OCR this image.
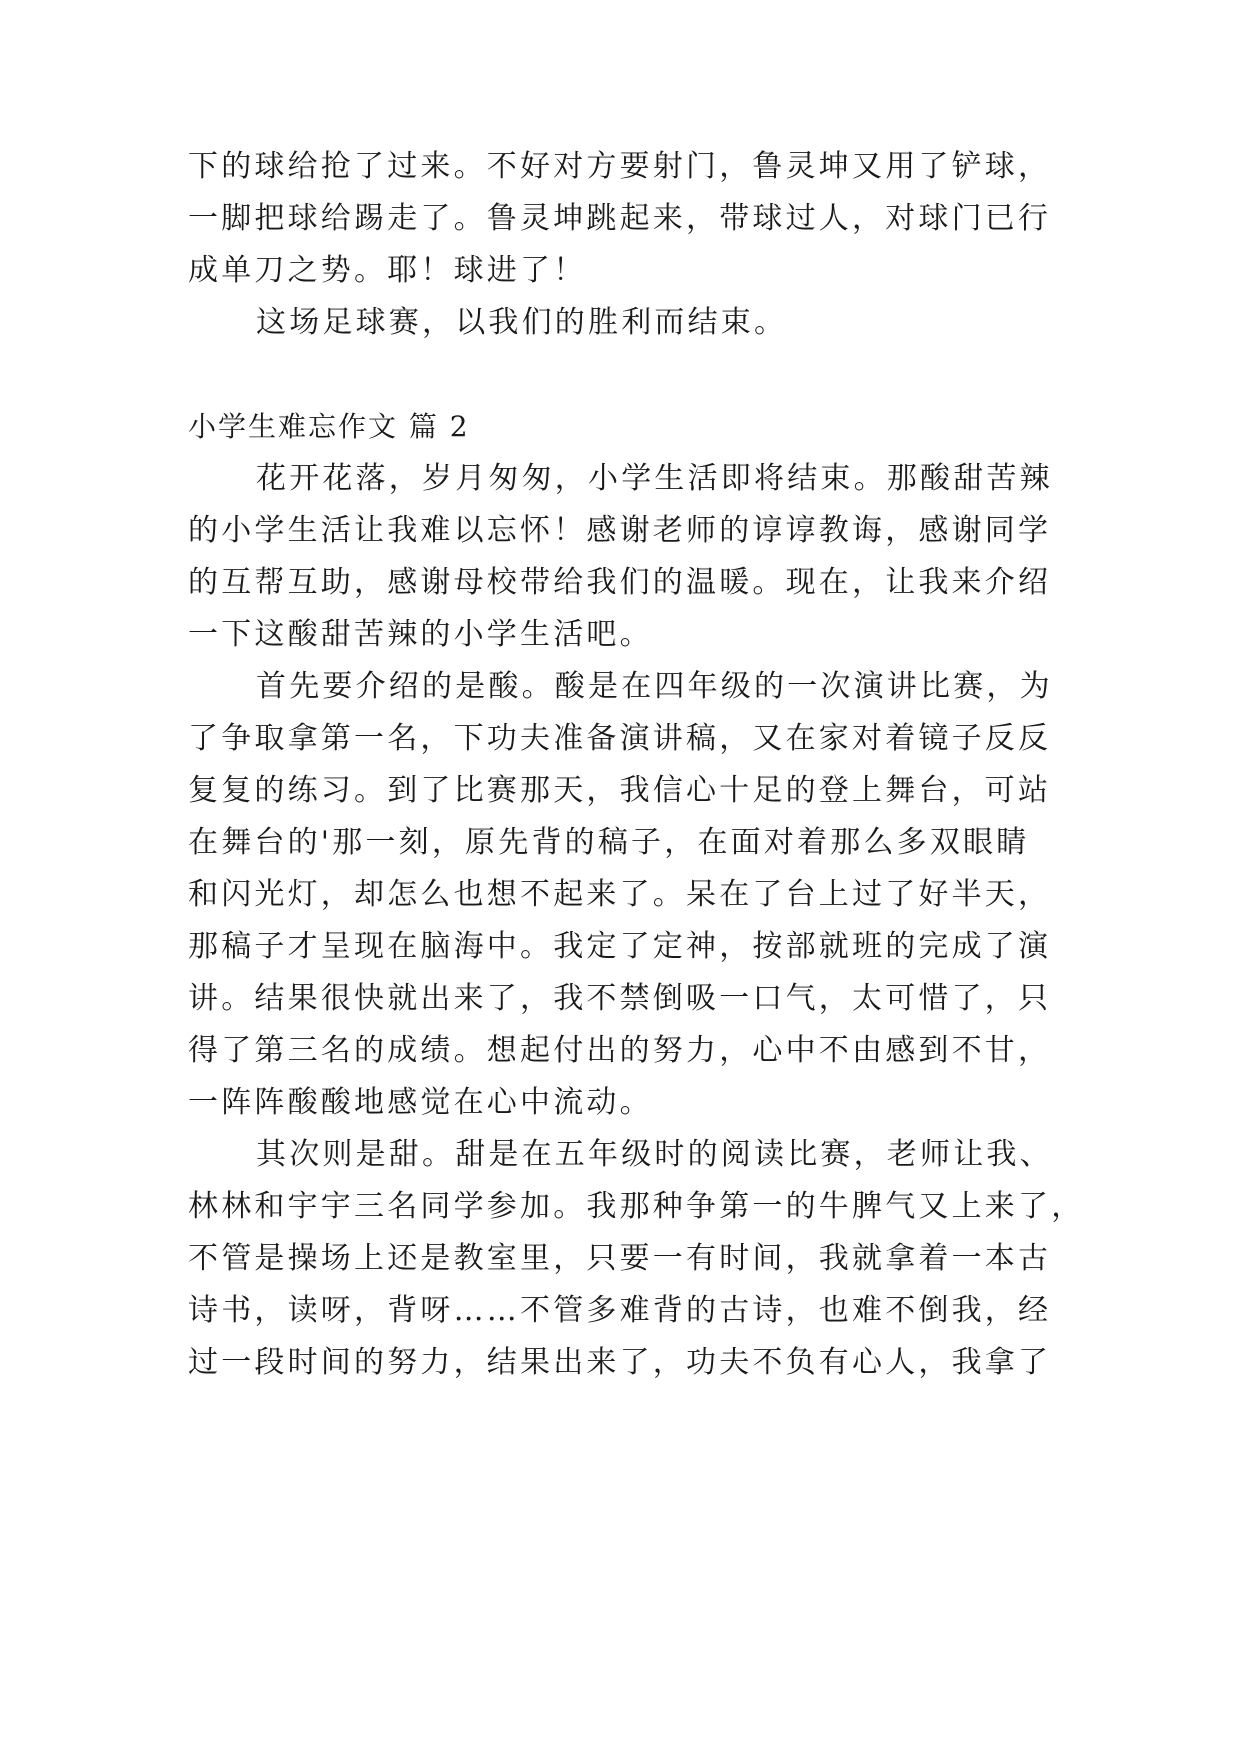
下的球给抢了过来。不好对方要射门，鲁灵坤又用了铲球，
一脚把球给踢走了。鲁灵坤跳起来，带球过人，对球门已行
成单刀之势。耶！球进了！
这场足球赛，以我们的胜利而结束。
小学生难忘作文 篇 2
花开花落，岁月匆匆，小学生活即将结束。那酸甜苦辣
的小学生活让我难以忘怀！感谢老师的谆谆教诲，感谢同学
的互帮互助，感谢母校带给我们的温暖。现在，让我来介绍
一下这酸甜苦辣的小学生活吧。
首先要介绍的是酸。酸是在四年级的一次演讲比赛，为
了争取拿第一名，下功夫准备演讲稿，又在家对着镜子反反
复复的练习。到了比赛那天，我信心十足的登上舞台，可站
在舞台的'那一刻，原先背的稿子，在面对着那么多双眼睛
和闪光灯，却怎么也想不起来了。呆在了台上过了好半天，
那稿子才呈现在脑海中。我定了定神，按部就班的完成了演
讲。结果很快就出来了，我不禁倒吸一口气，太可惜了，只
得了第三名的成绩。想起付出的努力，心中不由感到不甘，
一阵阵酸酸地感觉在心中流动。
其次则是甜。甜是在五年级时的阅读比赛，老师让我、
林林和宇宇三名同学参加。我那种争第一的牛脾气又上来了，
不管是操场上还是教室里，只要一有时间，我就拿着一本古
诗书，读呀，背呀……不管多难背的古诗，也难不倒我，经
过一段时间的努力，结果出来了，功夫不负有心人，我拿了
